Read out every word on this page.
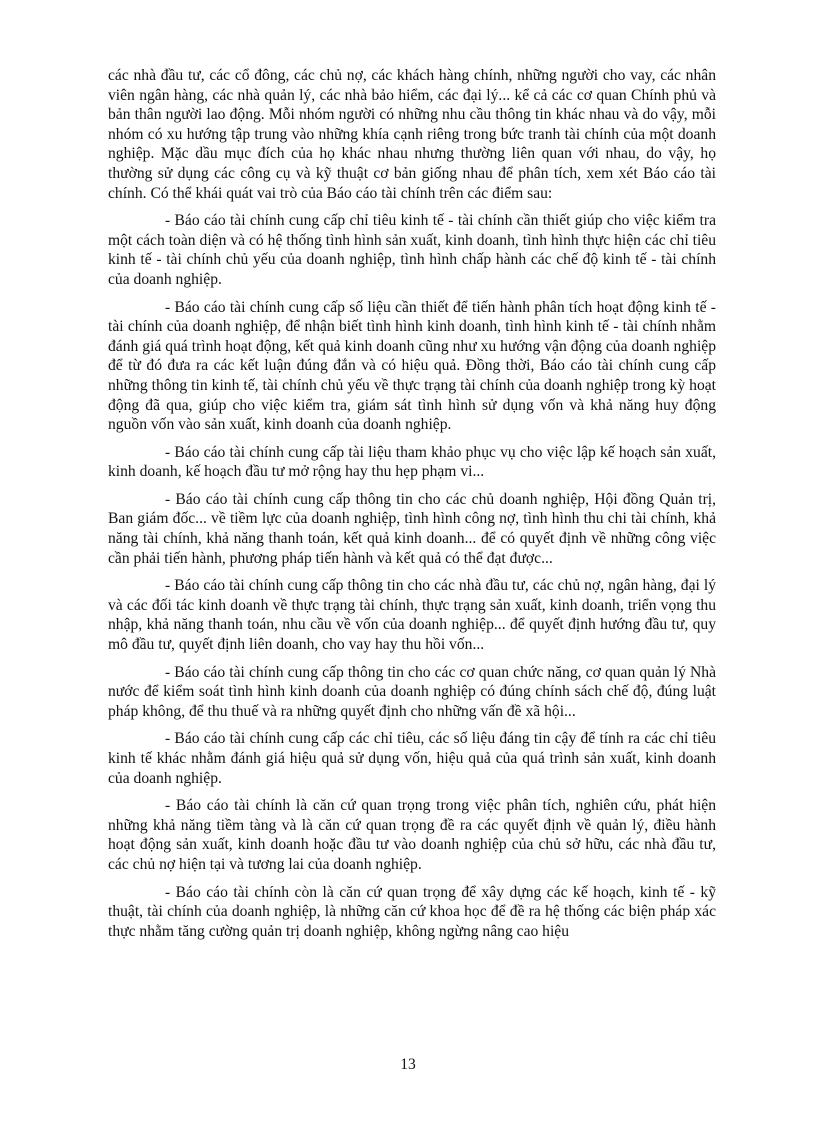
các nhà đầu tư, các cổ đông, các chủ nợ, các khách hàng chính, những người cho vay, các nhân viên ngân hàng, các nhà quản lý, các nhà bảo hiểm, các đại lý... kể cả các cơ quan Chính phủ và bản thân người lao động. Mỗi nhóm người có những nhu cầu thông tin khác nhau và do vậy, mỗi nhóm có xu hướng tập trung vào những khía cạnh riêng trong bức tranh tài chính của một doanh nghiệp. Mặc dầu mục đích của họ khác nhau nhưng thường liên quan với nhau, do vậy, họ thường sử dụng các công cụ và kỹ thuật cơ bản giống nhau để phân tích, xem xét Báo cáo tài chính. Có thể khái quát vai trò của Báo cáo tài chính trên các điểm sau:

- Báo cáo tài chính cung cấp chỉ tiêu kinh tế - tài chính cần thiết giúp cho việc kiểm tra một cách toàn diện và có hệ thống tình hình sản xuất, kinh doanh, tình hình thực hiện các chỉ tiêu kinh tế - tài chính chủ yếu của doanh nghiệp, tình hình chấp hành các chế độ kinh tế - tài chính của doanh nghiệp.

- Báo cáo tài chính cung cấp số liệu cần thiết để tiến hành phân tích hoạt động kinh tế - tài chính của doanh nghiệp, để nhận biết tình hình kinh doanh, tình hình kinh tế - tài chính nhằm đánh giá quá trình hoạt động, kết quả kinh doanh cũng như xu hướng vận động của doanh nghiệp để từ đó đưa ra các kết luận đúng đắn và có hiệu quả. Đồng thời, Báo cáo tài chính cung cấp những thông tin kinh tế, tài chính chủ yếu về thực trạng tài chính của doanh nghiệp trong kỳ hoạt động đã qua, giúp cho việc kiểm tra, giám sát tình hình sử dụng vốn và khả năng huy động nguồn vốn vào sản xuất, kinh doanh của doanh nghiệp.

- Báo cáo tài chính cung cấp tài liệu tham khảo phục vụ cho việc lập kế hoạch sản xuất, kinh doanh, kế hoạch đầu tư mở rộng hay thu hẹp phạm vi...

- Báo cáo tài chính cung cấp thông tin cho các chủ doanh nghiệp, Hội đồng Quản trị, Ban giám đốc... về tiềm lực của doanh nghiệp, tình hình công nợ, tình hình thu chi tài chính, khả năng tài chính, khả năng thanh toán, kết quả kinh doanh... để có quyết định về những công việc cần phải tiến hành, phương pháp tiến hành và kết quả có thể đạt được...

- Báo cáo tài chính cung cấp thông tin cho các nhà đầu tư, các chủ nợ, ngân hàng, đại lý và các đối tác kinh doanh về thực trạng tài chính, thực trạng sản xuất, kinh doanh, triển vọng thu nhập, khả năng thanh toán, nhu cầu về vốn của doanh nghiệp... để quyết định hướng đầu tư, quy mô đầu tư, quyết định liên doanh, cho vay hay thu hồi vốn...

- Báo cáo tài chính cung cấp thông tin cho các cơ quan chức năng, cơ quan quản lý Nhà nước để kiểm soát tình hình kinh doanh của doanh nghiệp có đúng chính sách chế độ, đúng luật pháp không, để thu thuế và ra những quyết định cho những vấn đề xã hội...

- Báo cáo tài chính cung cấp các chỉ tiêu, các số liệu đáng tin cậy để tính ra các chỉ tiêu kinh tế khác nhằm đánh giá hiệu quả sử dụng vốn, hiệu quả của quá trình sản xuất, kinh doanh của doanh nghiệp.

- Báo cáo tài chính là căn cứ quan trọng trong việc phân tích, nghiên cứu, phát hiện những khả năng tiềm tàng và là căn cứ quan trọng đề ra các quyết định về quản lý, điều hành hoạt động sản xuất, kinh doanh hoặc đầu tư vào doanh nghiệp của chủ sở hữu, các nhà đầu tư, các chủ nợ hiện tại và tương lai của doanh nghiệp.

- Báo cáo tài chính còn là căn cứ quan trọng để xây dựng các kế hoạch, kinh tế - kỹ thuật, tài chính của doanh nghiệp, là những căn cứ khoa học để đề ra hệ thống các biện pháp xác thực nhằm tăng cường quản trị doanh nghiệp, không ngừng nâng cao hiệu

13
